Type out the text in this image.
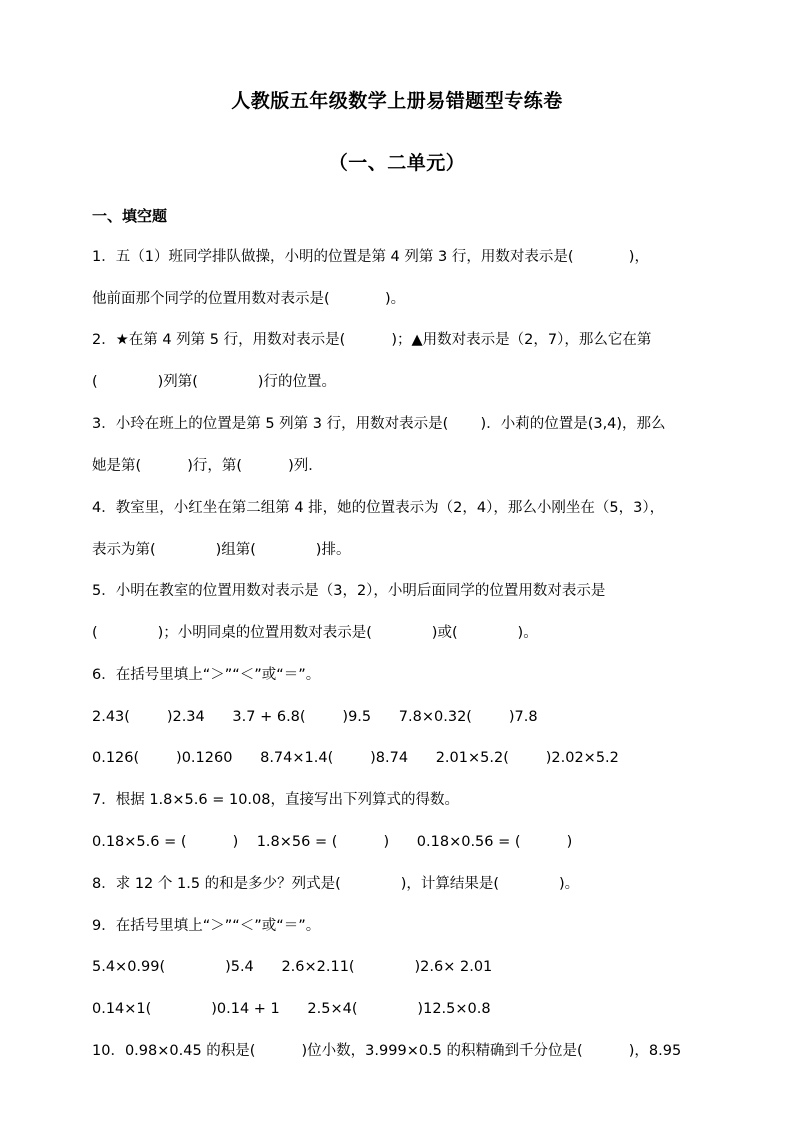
人教版五年级数学上册易错题型专练卷
（一、二单元）
一、填空题
1．五（1）班同学排队做操，小明的位置是第 4 列第 3 行，用数对表示是(            )，
他前面那个同学的位置用数对表示是(            )。
2．★在第 4 列第 5 行，用数对表示是(          )；▲用数对表示是（2，7），那么它在第
(             )列第(             )行的位置。
3．小玲在班上的位置是第 5 列第 3 行，用数对表示是(       )．小莉的位置是(3,4)，那么
她是第(          )行，第(          )列．
4．教室里，小红坐在第二组第 4 排，她的位置表示为（2，4），那么小刚坐在（5，3），
表示为第(             )组第(             )排。
5．小明在教室的位置用数对表示是（3，2），小明后面同学的位置用数对表示是
(             )；小明同桌的位置用数对表示是(             )或(             )。
6．在括号里填上“＞”“＜”或“＝”。
2.43(        )2.34      3.7 + 6.8(        )9.5      7.8×0.32(        )7.8
0.126(        )0.1260      8.74×1.4(        )8.74      2.01×5.2(        )2.02×5.2
7．根据 1.8×5.6 = 10.08，直接写出下列算式的得数。
0.18×5.6 = (          )    1.8×56 = (          )      0.18×0.56 = (          )
8．求 12 个 1.5 的和是多少？列式是(             )，计算结果是(             )。
9．在括号里填上“＞”“＜”或“＝”。
5.4×0.99(             )5.4      2.6×2.11(             )2.6× 2.01
0.14×1(             )0.14 + 1      2.5×4(             )12.5×0.8
10．0.98×0.45 的积是(          )位小数，3.999×0.5 的积精确到千分位是(          )，8.95
